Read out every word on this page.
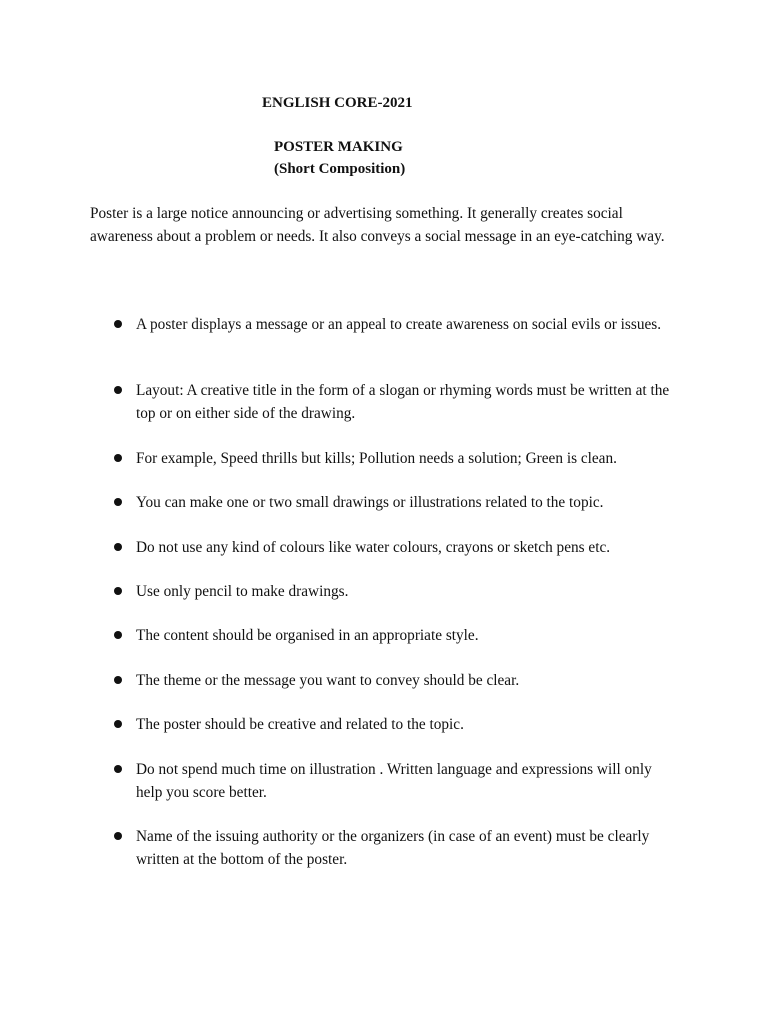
ENGLISH CORE-2021
POSTER MAKING
(Short Composition)

Poster is a large notice announcing or advertising something. It generally creates social awareness about a problem or needs. It also conveys a social message in an eye-catching way.

A poster displays a message or an appeal to create awareness on social evils or issues.
Layout: A creative title in the form of a slogan or rhyming words must be written at the top or on either side of the drawing.
For example, Speed thrills but kills; Pollution needs a solution; Green is clean.
You can make one or two small drawings or illustrations related to the topic.
Do not use any kind of colours like water colours, crayons or sketch pens etc.
Use only pencil to make drawings.
The content should be organised in an appropriate style.
The theme or the message you want to convey should be clear.
The poster should be creative and related to the topic.
Do not spend much time on illustration . Written language and expressions will only help you score better.
Name of the issuing authority or the organizers (in case of an event) must be clearly written at the bottom of the poster.
